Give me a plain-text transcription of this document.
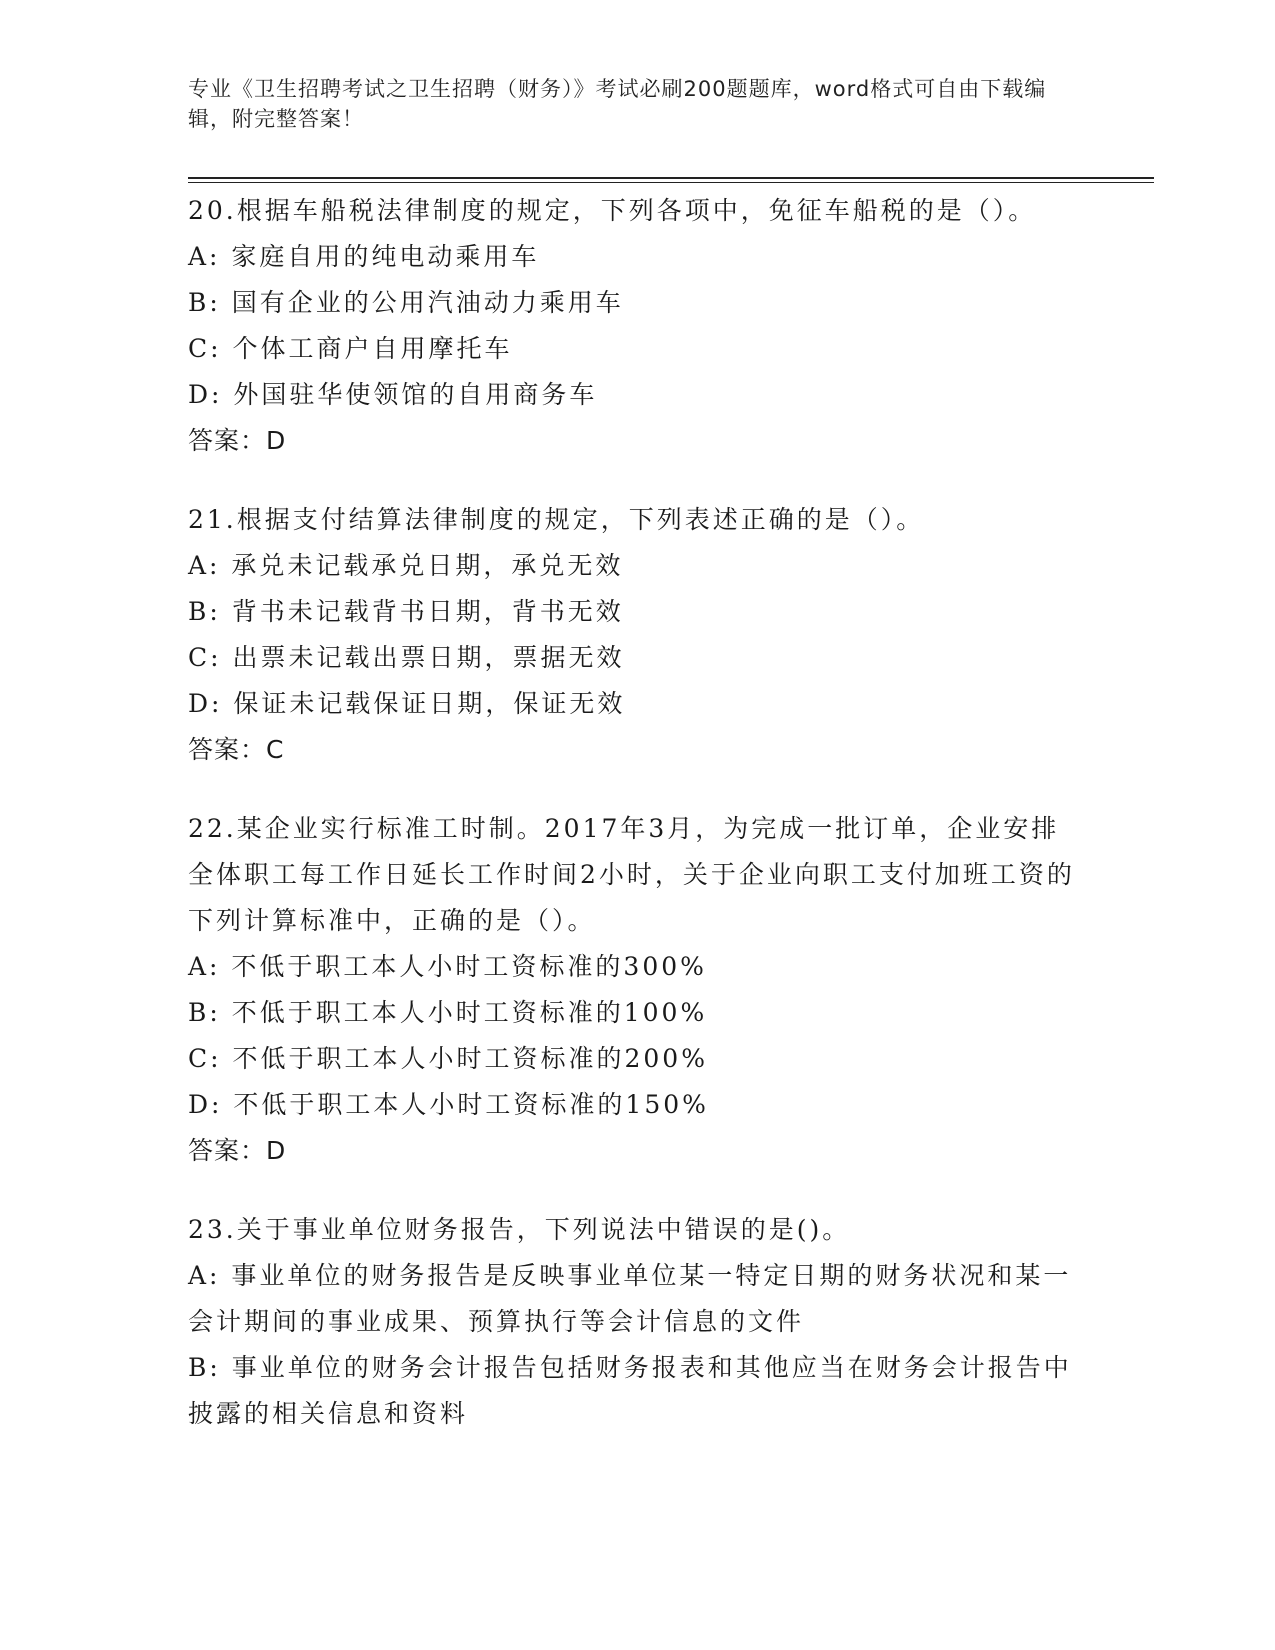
专业《卫生招聘考试之卫生招聘（财务）》考试必刷200题题库，word格式可自由下载编辑，附完整答案！
20.根据车船税法律制度的规定，下列各项中，免征车船税的是（）。
A: 家庭自用的纯电动乘用车
B: 国有企业的公用汽油动力乘用车
C: 个体工商户自用摩托车
D: 外国驻华使领馆的自用商务车
答案：D
21.根据支付结算法律制度的规定，下列表述正确的是（）。
A: 承兑未记载承兑日期，承兑无效
B: 背书未记载背书日期，背书无效
C: 出票未记载出票日期，票据无效
D: 保证未记载保证日期，保证无效
答案：C
22.某企业实行标准工时制。2017年3月，为完成一批订单，企业安排全体职工每工作日延长工作时间2小时，关于企业向职工支付加班工资的下列计算标准中，正确的是（）。
A: 不低于职工本人小时工资标准的300%
B: 不低于职工本人小时工资标准的100%
C: 不低于职工本人小时工资标准的200%
D: 不低于职工本人小时工资标准的150%
答案：D
23.关于事业单位财务报告，下列说法中错误的是()。
A: 事业单位的财务报告是反映事业单位某一特定日期的财务状况和某一会计期间的事业成果、预算执行等会计信息的文件
B: 事业单位的财务会计报告包括财务报表和其他应当在财务会计报告中披露的相关信息和资料
